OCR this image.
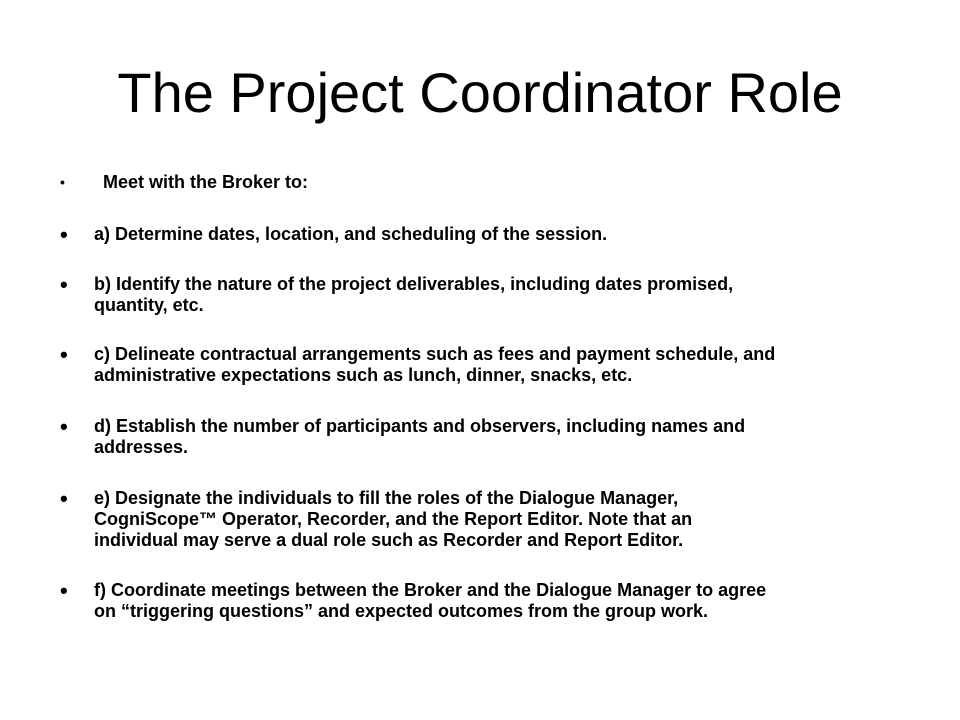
The Project Coordinator Role
• Meet with the Broker to:
• a) Determine dates, location, and scheduling of the session.
• b) Identify the nature of the project deliverables, including dates promised,
quantity, etc.
• c) Delineate contractual arrangements such as fees and payment schedule, and
administrative expectations such as lunch, dinner, snacks, etc.
• d) Establish the number of participants and observers, including names and
addresses.
• e) Designate the individuals to fill the roles of the Dialogue Manager,
CogniScope™ Operator, Recorder, and the Report Editor. Note that an
individual may serve a dual role such as Recorder and Report Editor.
• f) Coordinate meetings between the Broker and the Dialogue Manager to agree
on “triggering questions” and expected outcomes from the group work.
